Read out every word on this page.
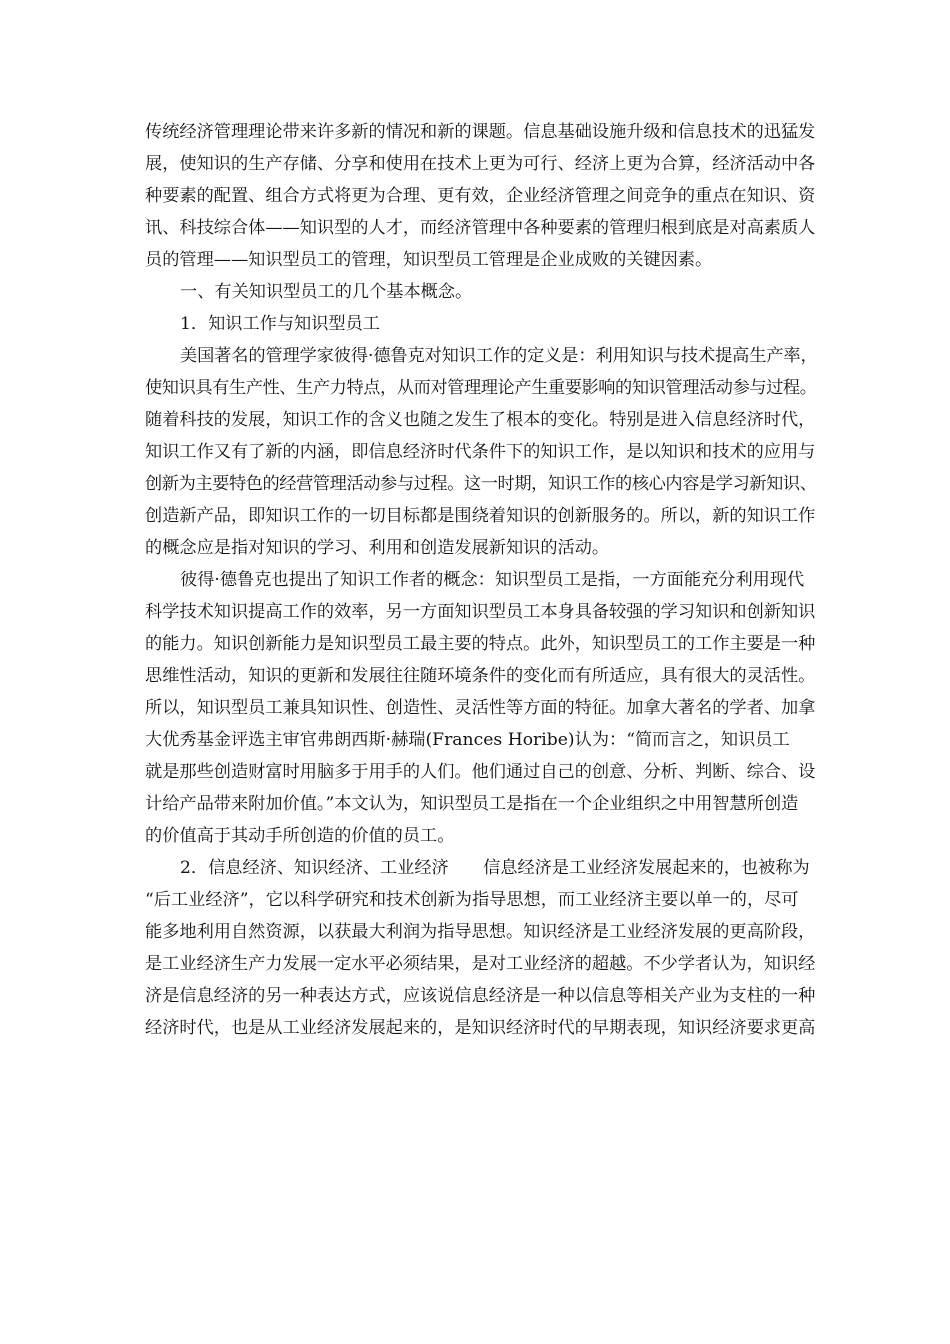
传统经济管理理论带来许多新的情况和新的课题。信息基础设施升级和信息技术的迅猛发
展，使知识的生产存储、分享和使用在技术上更为可行、经济上更为合算，经济活动中各
种要素的配置、组合方式将更为合理、更有效，企业经济管理之间竞争的重点在知识、资
讯、科技综合体——知识型的人才，而经济管理中各种要素的管理归根到底是对高素质人
员的管理——知识型员工的管理，知识型员工管理是企业成败的关键因素。
一、有关知识型员工的几个基本概念。
1．知识工作与知识型员工
美国著名的管理学家彼得·德鲁克对知识工作的定义是：利用知识与技术提高生产率，
使知识具有生产性、生产力特点，从而对管理理论产生重要影响的知识管理活动参与过程。
随着科技的发展，知识工作的含义也随之发生了根本的变化。特别是进入信息经济时代，
知识工作又有了新的内涵，即信息经济时代条件下的知识工作，是以知识和技术的应用与
创新为主要特色的经营管理活动参与过程。这一时期，知识工作的核心内容是学习新知识、
创造新产品，即知识工作的一切目标都是围绕着知识的创新服务的。所以，新的知识工作
的概念应是指对知识的学习、利用和创造发展新知识的活动。
彼得·德鲁克也提出了知识工作者的概念：知识型员工是指，一方面能充分利用现代
科学技术知识提高工作的效率，另一方面知识型员工本身具备较强的学习知识和创新知识
的能力。知识创新能力是知识型员工最主要的特点。此外，知识型员工的工作主要是一种
思维性活动，知识的更新和发展往往随环境条件的变化而有所适应，具有很大的灵活性。
所以，知识型员工兼具知识性、创造性、灵活性等方面的特征。加拿大著名的学者、加拿
大优秀基金评选主审官弗朗西斯·赫瑞(Frances Horibe)认为：“简而言之，知识员工
就是那些创造财富时用脑多于用手的人们。他们通过自己的创意、分析、判断、综合、设
计给产品带来附加价值。”本文认为，知识型员工是指在一个企业组织之中用智慧所创造
的价值高于其动手所创造的价值的员工。
2．信息经济、知识经济、工业经济　　信息经济是工业经济发展起来的，也被称为
“后工业经济”，它以科学研究和技术创新为指导思想，而工业经济主要以单一的，尽可
能多地利用自然资源，以获最大利润为指导思想。知识经济是工业经济发展的更高阶段，
是工业经济生产力发展一定水平必须结果，是对工业经济的超越。不少学者认为，知识经
济是信息经济的另一种表达方式，应该说信息经济是一种以信息等相关产业为支柱的一种
经济时代，也是从工业经济发展起来的，是知识经济时代的早期表现，知识经济要求更高
